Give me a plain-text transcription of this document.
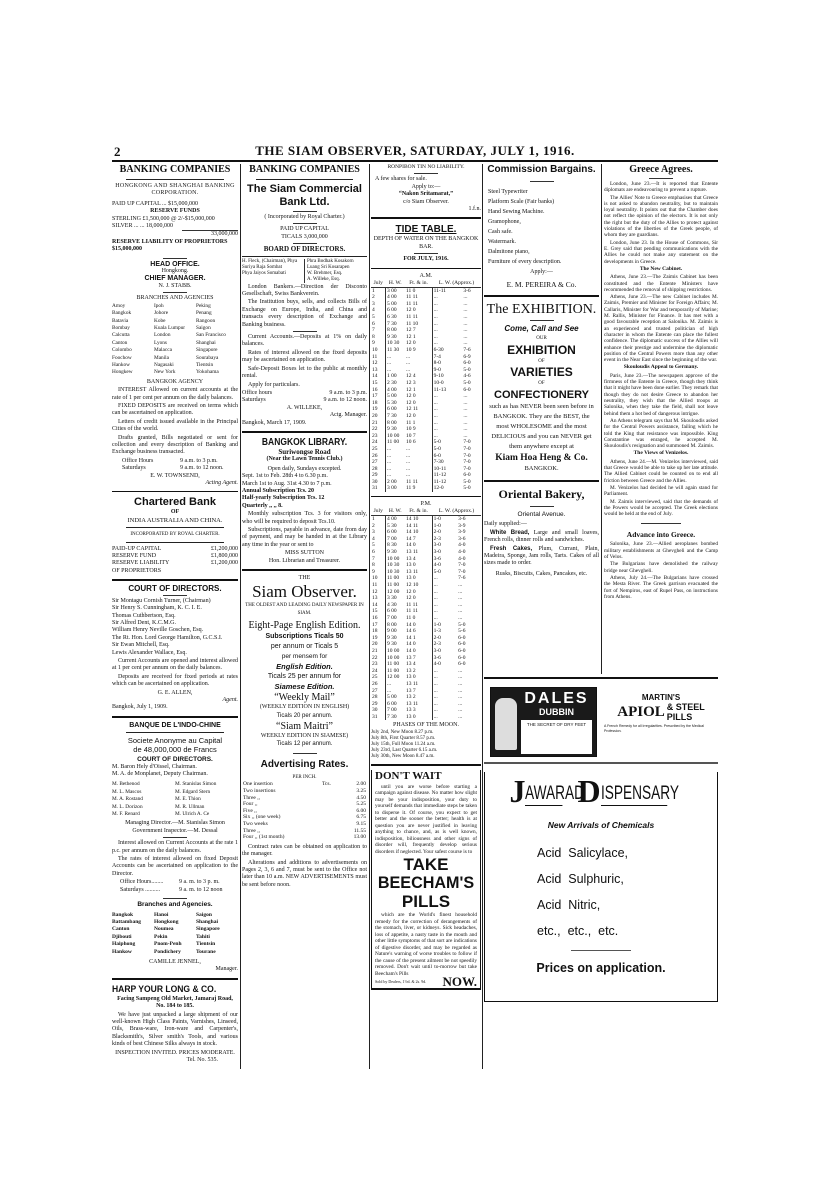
2	THE SIAM OBSERVER, SATURDAY, JULY 1, 1916.
BANKING COMPANIES
HONGKONG AND SHANGHAI BANKING CORPORATION.
PAID UP CAPITAL ... $15,000,000
RESERVE FUNDS
STERLING £1,500,000 @ 2/-$15,000,000
SILVER ... ... 18,000,000
33,000,000
RESERVE LIABILITY OF PROPRIETORS $15,000,000
HEAD OFFICE.
Hongkong.
CHIEF MANAGER.
N. J. STABB.
BRANCHES AND AGENCIES
Amoy	Ipoh	Peking
Bangkok	Johore	Penang
Batavia	Kobe	Rangoon
Bombay	Kuala Lumpur	Saigon
Calcutta	London	San Francisco
Canton	Lyons	Shanghai
Colombo	Malacca	Singapore
Foochow	Manila	Sourabaya
Hankow	Nagasaki	Tientsin
Hongkew	New York	Yokohama
BANGKOK AGENCY

INTEREST Allowed on current accounts at the rate of 1 per cent per annum on the daily balances.

FIXED DEPOSITS are received on terms which can be ascertained on application.

Letters of credit issued available in the Principal Cities of the world.

Drafts granted, Bills negotiated or sent for collection and every description of Banking and Exchange business transacted.

Office Hours	9 a.m. to 3 p.m.
Saturdays	9 a.m. to 12 noon.
E. W. TOWNSEND,
Acting Agent.
Chartered Bank
OF
INDIA AUSTRALIA AND CHINA.
INCORPORATED BY ROYAL CHARTER.
PAID-UP CAPITAL	£1,200,000
RESERVE FUND	£1,800,000
RESERVE LIABILITY OF PROPRIETORS
£1,200,000
COURT OF DIRECTORS.
Sir Montagu Cornish Turner, (Chairman)
Sir Henry S. Cunningham, K. C. I. E.
Thomas Cuthbertson, Esq.
Sir Alfred Dent, K.C.M.G.
William Henry Neville Goschen, Esq.
The Rt. Hon. Lord George Hamilton, G.C.S.I.
Sir Ewan Mitchell, Esq.
Lewis Alexander Wallace, Esq.

Current Accounts are opened and interest allowed at 1 per cent per annum on the daily balances.

Deposits are received for fixed periods at rates which can be ascertained on application.

G. E. ALLEN,
Agent.
Bangkok, July 1, 1909.
BANQUE DE L'INDO-CHINE
Societe Anonyme au Capital
de 48,000,000 de Francs
COURT OF DIRECTORS.
M. Baron Hely d'Oissel, Chairman.
M. A. de Monplanet, Deputy Chairman.
M. Bethenod	M. Stanislas Simon
M. L. Mascos	M. Edgard Stern
M. A. Rostand	M. E. Thion
M. L. Dorizon	M. R. Ullman
M. F. Renard	M. Ulrich A. Ce
Managing Director.—M. Stanislas Simon
Government Inspector.—M. Dessal

Interest allowed on Current Accounts at the rate 1 p.c. per annum on the daily balances.

The rates of interest allowed on fixed Deposit Accounts can be ascertained on application to the Director.

Office Hours........	9 a. m. to 3 p. m.
Saturdays ..........	9 a. m. to 12 noon
Branches and Agencies.
Bangkok	Hanoi	Saigon
Battambang	Hongkong	Shanghai
Canton	Noumea	Singapore
Djibouti	Pekin	Tahiti
Haiphong	Pnom-Penh	Tientsin
Hankow	Pondichery	Tourane
CAMILLE JENNEL,
Manager.
HARP YOUR LONG & CO.
Facing Sampeng Old Market, Jamaraj Road, No. 184 to 185.

We have just unpacked a large shipment of our well-known High Class Paints, Varnishes, Linseed, Oils, Brass-ware, Iron-ware and Carpenter's, Blacksmith's, Silver smith's Tools, and various kinds of best Chinese Silks always in stock.

INSPECTION INVITED. PRICES MODERATE.
Tel. No. 535.
BANKING COMPANIES
The Siam Commercial Bank Ltd.
( Incorporated by Royal Charter.)
PAID UP CAPITAL
TICALS 3,000,000
BOARD OF DIRECTORS.
H. Fleck, (Chairman), Phya Suriya Raja Sombat
Phya Jaiyos Somabati
Phra Bodhak Kosakorn
Luang Sri Kosarapen
W. Brehmer, Esq.
A. Willeke, Esq.

London Bankers.—Direction der Disconto Gesellschaft, Swiss Bankverein.

The Institution buys, sells, and collects Bills of Exchange on Europe, India, and China and transacts every description of Exchange and Banking business.

Current Accounts.—Deposits at 1% on daily balances.

Rates of interest allowed on the fixed deposits may be ascertained on application.

Safe-Deposit Boxes let to the public at monthly rental.

Apply for particulars.

Office hours	9 a.m. to 3 p.m.
Saturdays	9 a.m. to 12 noon.
A. WILLEKE,
Actg. Manager.
Bangkok, March 17, 1909.
BANGKOK LIBRARY.
Suriwongse Road
(Near the Lawn Tennis Club.)
Open daily, Sundays excepted.
Sept. 1st to Feb. 28th 4 to 6.30 p.m.
March 1st to Aug. 31st 4.30 to 7 p.m.
Annual Subscription Tcs. 20
Half-yearly Subscription Tcs. 12
Quarterly ,, ,, 8.

Monthly subscription Tcs. 3 for visitors only, who will be required to deposit Tcs.10.

Subscriptions, payable in advance, date from day of payment, and may be handed in at the Library any time in the year or sent to

MISS SUTTON
Hon. Librarian and Treasurer.
THE
Siam Observer.
THE OLDEST AND LEADING DAILY NEWSPAPER IN SIAM.
Eight-Page English Edition.
Subscriptions Ticals 50
per annum or Ticals 5
per mensem for
English Edition.
Ticals 25 per annum for
Siamese Edition.
“Weekly Mail”
(WEEKLY EDITION IN ENGLISH)
Ticals 20 per annum.
“Siam Maitri”
WEEKLY EDITION IN SIAMESE)
Ticals 12 per annum.
Advertising Rates.
PER INCH.
One insertion	Tcs.	2.00
Two insertions		3.25
Three ,,		4.50
Four ,,		5.25
Five ,,		6.00
Six ,, (one week)		6.75
Two weeks		9.15
Three ,,		11.55
Four ,, (1st month)		13.00

Contract rates can be obtained on application to the manager.

Alterations and additions to advertisements on Pages 2, 3, 6 and 7, must be sent to the Office not later than 10 a.m. NEW ADVERTISEMENTS must be sent before noon.

RONPIBON TIN NO LIABILITY.
A few shares for sale.
Apply to:—
“Nakon Sritamarat,”
c/o Siam Observer.
1.f.n.
TIDE TABLE.
DEPTH OF WATER ON THE BANGKOK BAR.
FOR JULY, 1916.
A.M.
July	H. W.	Ft. & in.	L. W. (Approx.)	
1	3 00	11 0	11-11	3-6
2	4 00	11 11	...	...
3	5 00	11 11	...	...
4	6 00	12 0	...	...
5	6 30	11 11	...	...
6	7 30	11 10	...	...
7	8 00	12 7	...	...
8	9 30	12 1	...	...
9	10 30	12 0	...	...
10	11 30	10 9	6-30	7-6
11	...	...	7-4	6-9
12	...	...	8-0	6-0
13	...	...	9-0	5-0
14	1 00	12 4	9-10	4-6
15	2 30	12 3	10-0	5-0
16	4 00	12 1	11-13	6-0
17	5 00	12 0	...	...
18	5 30	12 0	...	...
19	6 00	12 11	...	...
20	7 30	12 0	...	...
21	8 00	11 1	...	...
22	9 30	10 9	...	...
23	10 00	10 7	...	...
24	11 00	10 6	5-0	7-0
25	...	...	5-0	7-0
26	...	...	6-0	7-0
27	...	...	7-30	7-0
28	...	...	10-11	7-0
29	...	...	11-12	6-0
30	2 00	11 11	11-12	5-0
31	3 00	11 9	12-0	5-0
P.M.
July	H. W.	Ft. & in.	L. W. (Approx.)	
1	4 00	14 10	1-0	3-6
2	5 30	14 11	1-0	3-9
3	6 00	14 10	2-0	3-9
4	7 00	14 7	2-3	3-6
5	8 30	14 0	3-0	4-0
6	9 30	13 11	3-0	4-0
7	10 00	13 4	3-6	4-0
8	10 30	13 0	4-0	7-0
9	10 30	13 11	5-0	7-0
10	11 00	13 0	...	7-6
11	11 00	12 10	...	...
12	12 00	12 0	...	...
13	3 30	12 0	...	...
14	4 30	11 11	...	...
15	6 00	11 11	...	...
16	7 00	11 0	...	...
17	8 00	14 0	1-0	5-0
18	9 00	14 6	1-3	5-6
19	9 30	14 1	2-0	6-0
20	9 30	14 0	2-3	6-0
21	10 00	14 0	3-0	6-0
22	10 00	13 7	3-6	6-0
23	11 00	13 4	4-0	6-0
24	11 00	13 2	...	...
25	12 00	13 0	...	...
26	...	13 11	...	...
27	...	13 7	...	...
28	5 00	13 2	...	...
29	6 00	13 11	...	...
30	7 00	13 3	...	...
31	7 30	13 0	...	...
PHASES OF THE MOON.
July 2nd, New Moon 8.27 p.m.
July 8th, First Quarter 8.57 p.m.
July 15th, Full Moon 11.24 a.m.
July 23rd, Last Quarter 6.15 a.m.
July 30th, New Moon 8.47 a.m.
DON'T WAIT

until you are worse before starting a campaign against disease. No matter how slight may be your indisposition, your duty to yourself demands that immediate steps be taken to disperse it. Of course, you expect to get better and the sooner the better; health is at question you are never justified in leaving anything to chance, and, as is well known, indisposition, biliousness and other signs of disorder will, frequently develop serious disorders if neglected. Your safest course is to

TAKE
BEECHAM'S
PILLS

which are the World's finest household remedy for the correction of derangements of the stomach, liver, or kidneys. Sick headaches, loss of appetite, a nasty taste in the mouth and other little symptoms of that sort are indications of digestive disorder, and may be regarded as Nature's warning of worse troubles to follow if the cause of the present ailment be not speedily removed. Don't wait until to-morrow but take Beecham's Pills

Sold by Dealers, 1½d. & 2s. 9d. NOW.
Commission Bargains.
Steel Typewriter
Platform Scale (Fair banks)
Hand Sewing Machine.
Gramophone,
Cash safe.
Watermark.
Dalmitone piano,
Furniture of every description.
Apply:—
E. M. PEREIRA & Co.
The EXHIBITION.
Come, Call and See
OUR
EXHIBITION
OF
VARIETIES
OF
CONFECTIONERY
such as has NEVER been seen before in BANGKOK. They are the BEST, the most WHOLESOME and the most DELICIOUS and you can NEVER get them anywhere except at
Kiam Hoa Heng & Co.
BANGKOK.
Oriental Bakery,
Oriental Avenue.
Daily supplied:—

White Bread, Large and small loaves, French rolls, dinner rolls and sandwiches.

Fresh Cakes, Plum, Currant, Plain, Madeira, Sponge, Jam rolls, Tarts. Cakes of all sizes made to order.

Rusks, Biscuits, Cakes, Pancakes, etc.
Greece Agrees.

London, June 23.—It is reported that Entente diplomats are endeavouring to prevent a rupture.

The Allies' Note to Greece emphasises that Greece is not asked to abandon neutrality, but to maintain loyal neutrality. It points out that the Chamber does not reflect the opinion of the electors. It is not only the right but the duty of the Allies to protect against violations of the liberties of the Greek people, of whom they are guardians.

London, June 23. In the House of Commons, Sir E. Grey said that pending communications with the Allies he could not make any statement on the developments in Greece.

The New Cabinet.

Athens, June 23.—The Zaimis Cabinet has been constituted and the Entente Ministers have recommended the removal of shipping restrictions.

Athens, June 23.—The new Cabinet includes M. Zaimis, Premier and Minister for Foreign Affairs; M. Callaris, Minister for War and temporarily of Marine; M. Rallis, Minister for Finance. It has met with a good favourable reception at Salonika. M. Zaimis is an experienced and trusted politician of high character in whom the Entente can place the fullest confidence. The diplomatic success of the Allies will enhance their prestige and undermine the diplomatic position of the Central Powers more than any other event in the Near East since the beginning of the war.

Skouloudis Appeal to Germany.

Paris, June 23.—The newspapers approve of the firmness of the Entente in Greece, though they think that it might have been done earlier. They remark that though they do not desire Greece to abandon her neutrality, they wish that the Allied troops at Salonika, when they take the field, shall not leave behind them a hot bed of dangerous intrigue.

An Athens telegram says that M. Skouloudis asked for the Central Powers assistance, failing which he told the King that resistance was impossible. King Constantine was enraged, he accepted M. Skouloudis's resignation and summoned M. Zaimis.

The Views of Venizelos.

Athens, June 24.—M. Venizelos interviewed, said that Greece would be able to take up her late attitude. The Allied Cabinet could be counted on to end all friction between Greece and the Allies.

M. Venizelos had decided he will again stand for Parliament.

M. Zaimis interviewed, said that the demands of the Powers would be accepted. The Greek elections would be held at the end of July.

Advance into Greece.

Salonika, June 23.—Allied aeroplanes bombed military establishments at Ghevgheli and the Camp of Velos.

The Bulgarians have demolished the railway bridge near Ghevgheli.

Athens, July 24.—The Bulgarians have crossed the Mesta River. The Greek garrison evacuated the fort of Nempiros, east of Rupel Pass, on instructions from Athens.

DALES
DUBBIN
THE SECRET OF DRY FEET
MARTIN'S
APIOL & STEEL
PILLS
A French Remedy for all Irregularities. Prescribed by the Medical Profession.
J AWARAD
D ISPENSARY
New Arrivals of Chemicals
Acid  Salicylace,
Acid  Sulphuric,
Acid  Nitric,
etc.,  etc.,  etc.
Prices on application.
